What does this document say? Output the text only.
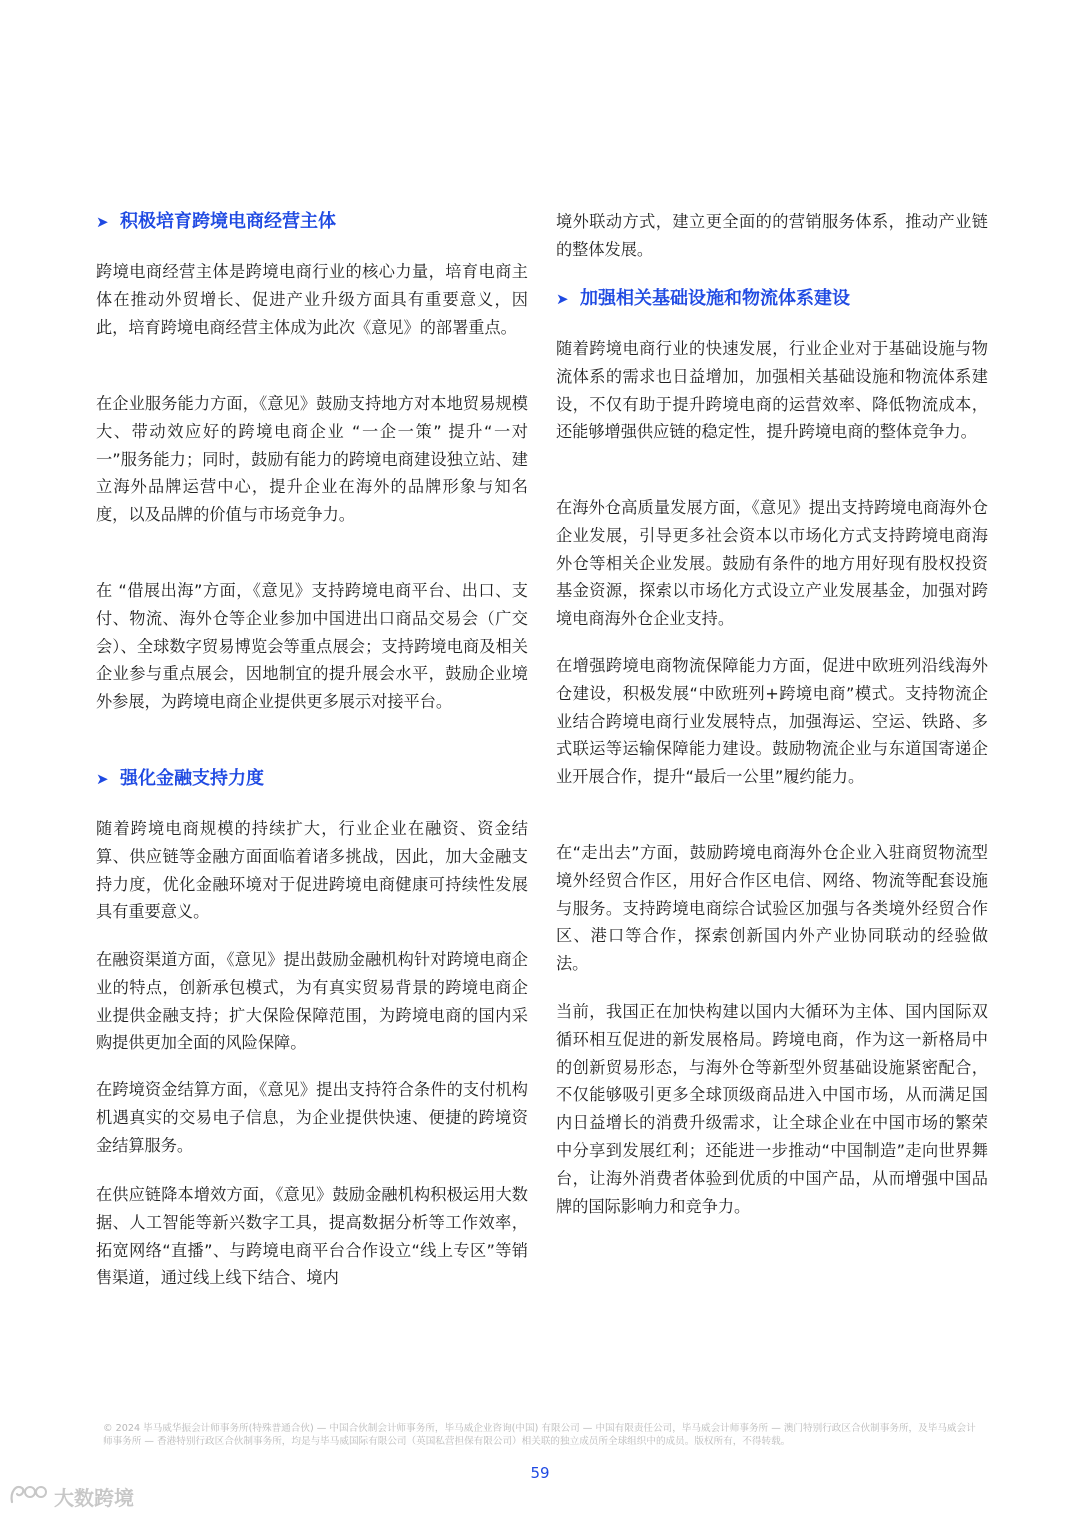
➤ 积极培育跨境电商经营主体

跨境电商经营主体是跨境电商行业的核心力量，培育电商主体在推动外贸增长、促进产业升级方面具有重要意义，因此，培育跨境电商经营主体成为此次《意见》的部署重点。

在企业服务能力方面，《意见》鼓励支持地方对本地贸易规模大、带动效应好的跨境电商企业 “一企一策” 提升“一对一”服务能力；同时，鼓励有能力的跨境电商建设独立站、建立海外品牌运营中心，提升企业在海外的品牌形象与知名度，以及品牌的价值与市场竞争力。

在 “借展出海”方面，《意见》支持跨境电商平台、出口、支付、物流、海外仓等企业参加中国进出口商品交易会（广交会）、全球数字贸易博览会等重点展会；支持跨境电商及相关企业参与重点展会，因地制宜的提升展会水平，鼓励企业境外参展，为跨境电商企业提供更多展示对接平台。

➤ 强化金融支持力度

随着跨境电商规模的持续扩大，行业企业在融资、资金结算、供应链等金融方面面临着诸多挑战，因此，加大金融支持力度，优化金融环境对于促进跨境电商健康可持续性发展具有重要意义。

在融资渠道方面，《意见》提出鼓励金融机构针对跨境电商企业的特点，创新承包模式，为有真实贸易背景的跨境电商企业提供金融支持；扩大保险保障范围，为跨境电商的国内采购提供更加全面的风险保障。

在跨境资金结算方面，《意见》提出支持符合条件的支付机构机遇真实的交易电子信息，为企业提供快速、便捷的跨境资金结算服务。

在供应链降本增效方面，《意见》鼓励金融机构积极运用大数据、人工智能等新兴数字工具，提高数据分析等工作效率，拓宽网络“直播”、与跨境电商平台合作设立“线上专区”等销售渠道，通过线上线下结合、境内

境外联动方式，建立更全面的的营销服务体系，推动产业链的整体发展。

➤ 加强相关基础设施和物流体系建设

随着跨境电商行业的快速发展，行业企业对于基础设施与物流体系的需求也日益增加，加强相关基础设施和物流体系建设，不仅有助于提升跨境电商的运营效率、降低物流成本，还能够增强供应链的稳定性，提升跨境电商的整体竞争力。

在海外仓高质量发展方面，《意见》提出支持跨境电商海外仓企业发展，引导更多社会资本以市场化方式支持跨境电商海外仓等相关企业发展。鼓励有条件的地方用好现有股权投资基金资源，探索以市场化方式设立产业发展基金，加强对跨境电商海外仓企业支持。

在增强跨境电商物流保障能力方面，促进中欧班列沿线海外仓建设，积极发展“中欧班列+跨境电商”模式。支持物流企业结合跨境电商行业发展特点，加强海运、空运、铁路、多式联运等运输保障能力建设。鼓励物流企业与东道国寄递企业开展合作，提升“最后一公里”履约能力。

在“走出去”方面，鼓励跨境电商海外仓企业入驻商贸物流型境外经贸合作区，用好合作区电信、网络、物流等配套设施与服务。支持跨境电商综合试验区加强与各类境外经贸合作区、港口等合作，探索创新国内外产业协同联动的经验做法。

当前，我国正在加快构建以国内大循环为主体、国内国际双循环相互促进的新发展格局。跨境电商，作为这一新格局中的创新贸易形态，与海外仓等新型外贸基础设施紧密配合，不仅能够吸引更多全球顶级商品进入中国市场，从而满足国内日益增长的消费升级需求，让全球企业在中国市场的繁荣中分享到发展红利；还能进一步推动“中国制造”走向世界舞台，让海外消费者体验到优质的中国产品，从而增强中国品牌的国际影响力和竞争力。

© 2024 毕马威华振会计师事务所(特殊普通合伙) — 中国合伙制会计师事务所，毕马威企业咨询(中国) 有限公司 — 中国有限责任公司，毕马威会计师事务所 — 澳门特别行政区合伙制事务所，及毕马威会计师事务所 — 香港特别行政区合伙制事务所，均是与毕马威国际有限公司（英国私营担保有限公司）相关联的独立成员所全球组织中的成员。版权所有，不得转载。
59
大数跨境
